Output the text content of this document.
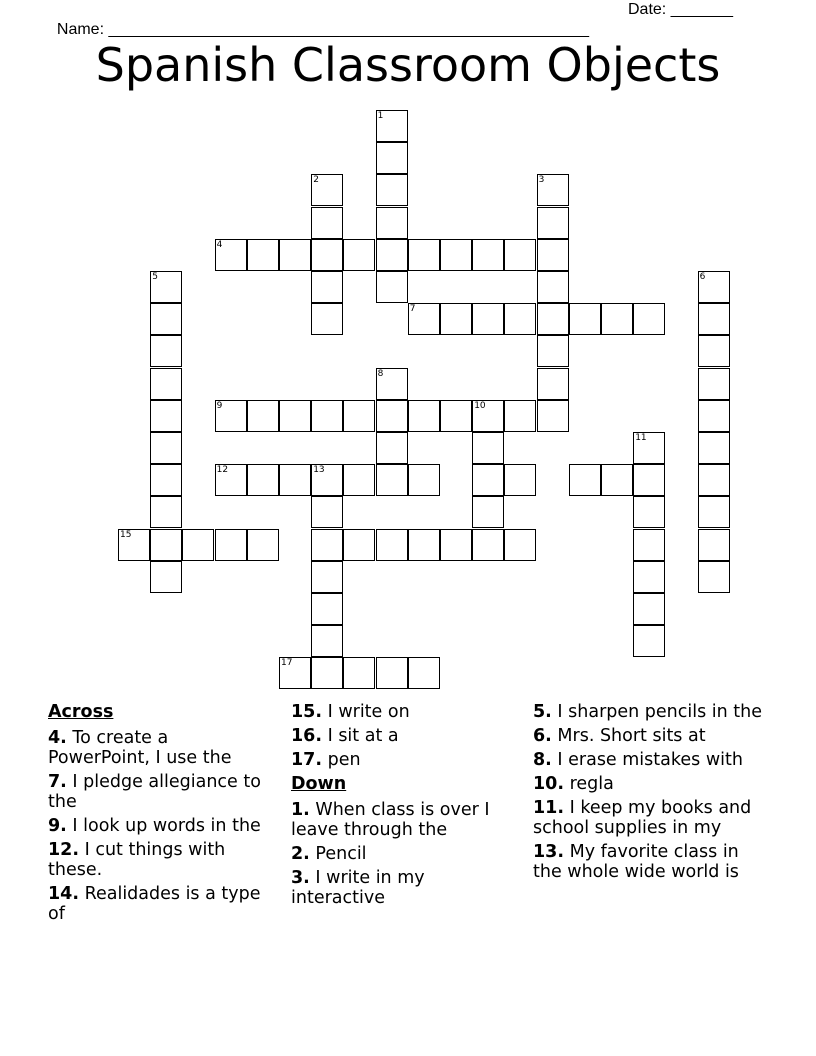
Name: ______________________________________________________

Date: _______

Spanish Classroom Objects
1
2	3
4
5	6
7
8
9	10
11
12	13
15
17
Across
4. To create a PowerPoint, I use the
7. I pledge allegiance to the
9. I look up words in the
12. I cut things with these.
14. Realidades is a type of
15. I write on
16. I sit at a
17. pen
Down
1. When class is over I leave through the
2. Pencil
3. I write in my interactive
5. I sharpen pencils in the
6. Mrs. Short sits at
8. I erase mistakes with
10. regla
11. I keep my books and school supplies in my
13. My favorite class in the whole wide world is
